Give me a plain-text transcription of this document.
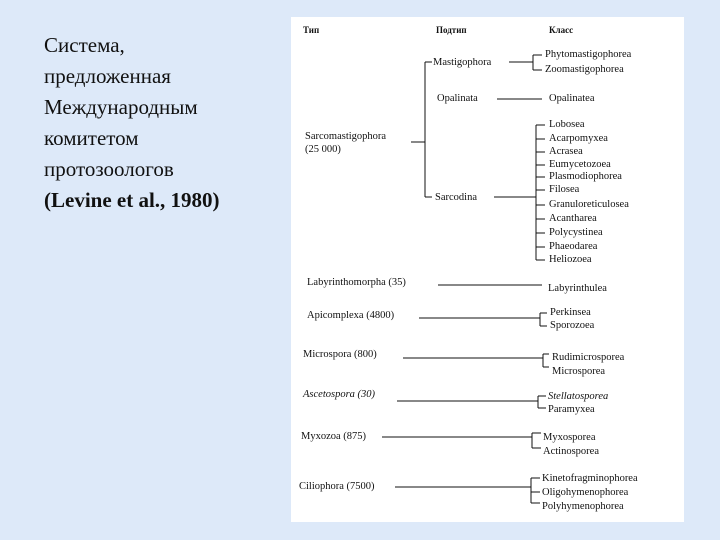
Система,
предложенная
Международным
комитетом
протозоологов
(Levine et al., 1980)
Тип	Подтип	Класс
Sarcomastigophora
(25 000)
Labyrinthomorpha (35)
Apicomplexa (4800)
Microspora (800)
Ascetospora (30)
Myxozoa (875)
Ciliophora (7500)
Mastigophora
Opalinata
Sarcodina
Phytomastigophorea
Zoomastigophorea
Opalinatea
Lobosea
Acarpomyxea
Acrasea
Eumycetozoea
Plasmodiophorea
Filosea
Granuloreticulosea
Acantharea
Polycystinea
Phaeodarea
Heliozoea
Labyrinthulea
Perkinsea
Sporozoea
Rudimicrosporea
Microsporea
Stellatosporea
Paramyxea
Myxosporea
Actinosporea
Kinetofragminophorea
Oligohymenophorea
Polyhymenophorea
